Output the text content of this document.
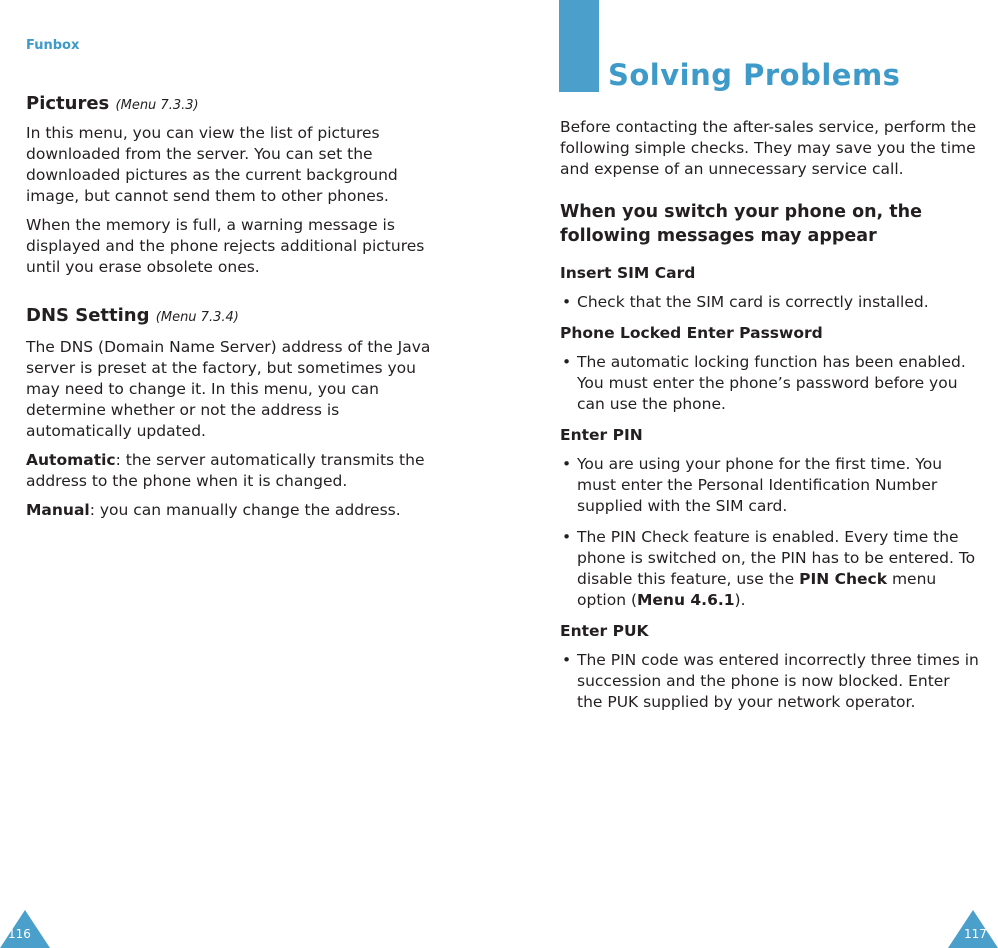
Funbox
Pictures (Menu 7.3.3)

In this menu, you can view the list of pictures downloaded from the server. You can set the downloaded pictures as the current background image, but cannot send them to other phones.

When the memory is full, a warning message is displayed and the phone rejects additional pictures until you erase obsolete ones.

DNS Setting (Menu 7.3.4)

The DNS (Domain Name Server) address of the Java server is preset at the factory, but sometimes you may need to change it. In this menu, you can determine whether or not the address is automatically updated.

Automatic: the server automatically transmits the address to the phone when it is changed.

Manual: you can manually change the address.

Solving Problems

Before contacting the after-sales service, perform the following simple checks. They may save you the time and expense of an unnecessary service call.

When you switch your phone on, the following messages may appear
Insert SIM Card
• Check that the SIM card is correctly installed.
Phone Locked Enter Password
• The automatic locking function has been enabled. You must enter the phone’s password before you can use the phone.
Enter PIN
• You are using your phone for the first time. You must enter the Personal Identification Number supplied with the SIM card.
• The PIN Check feature is enabled. Every time the phone is switched on, the PIN has to be entered. To disable this feature, use the PIN Check menu option (Menu 4.6.1).
Enter PUK
• The PIN code was entered incorrectly three times in succession and the phone is now blocked. Enter the PUK supplied by your network operator.
116	117
